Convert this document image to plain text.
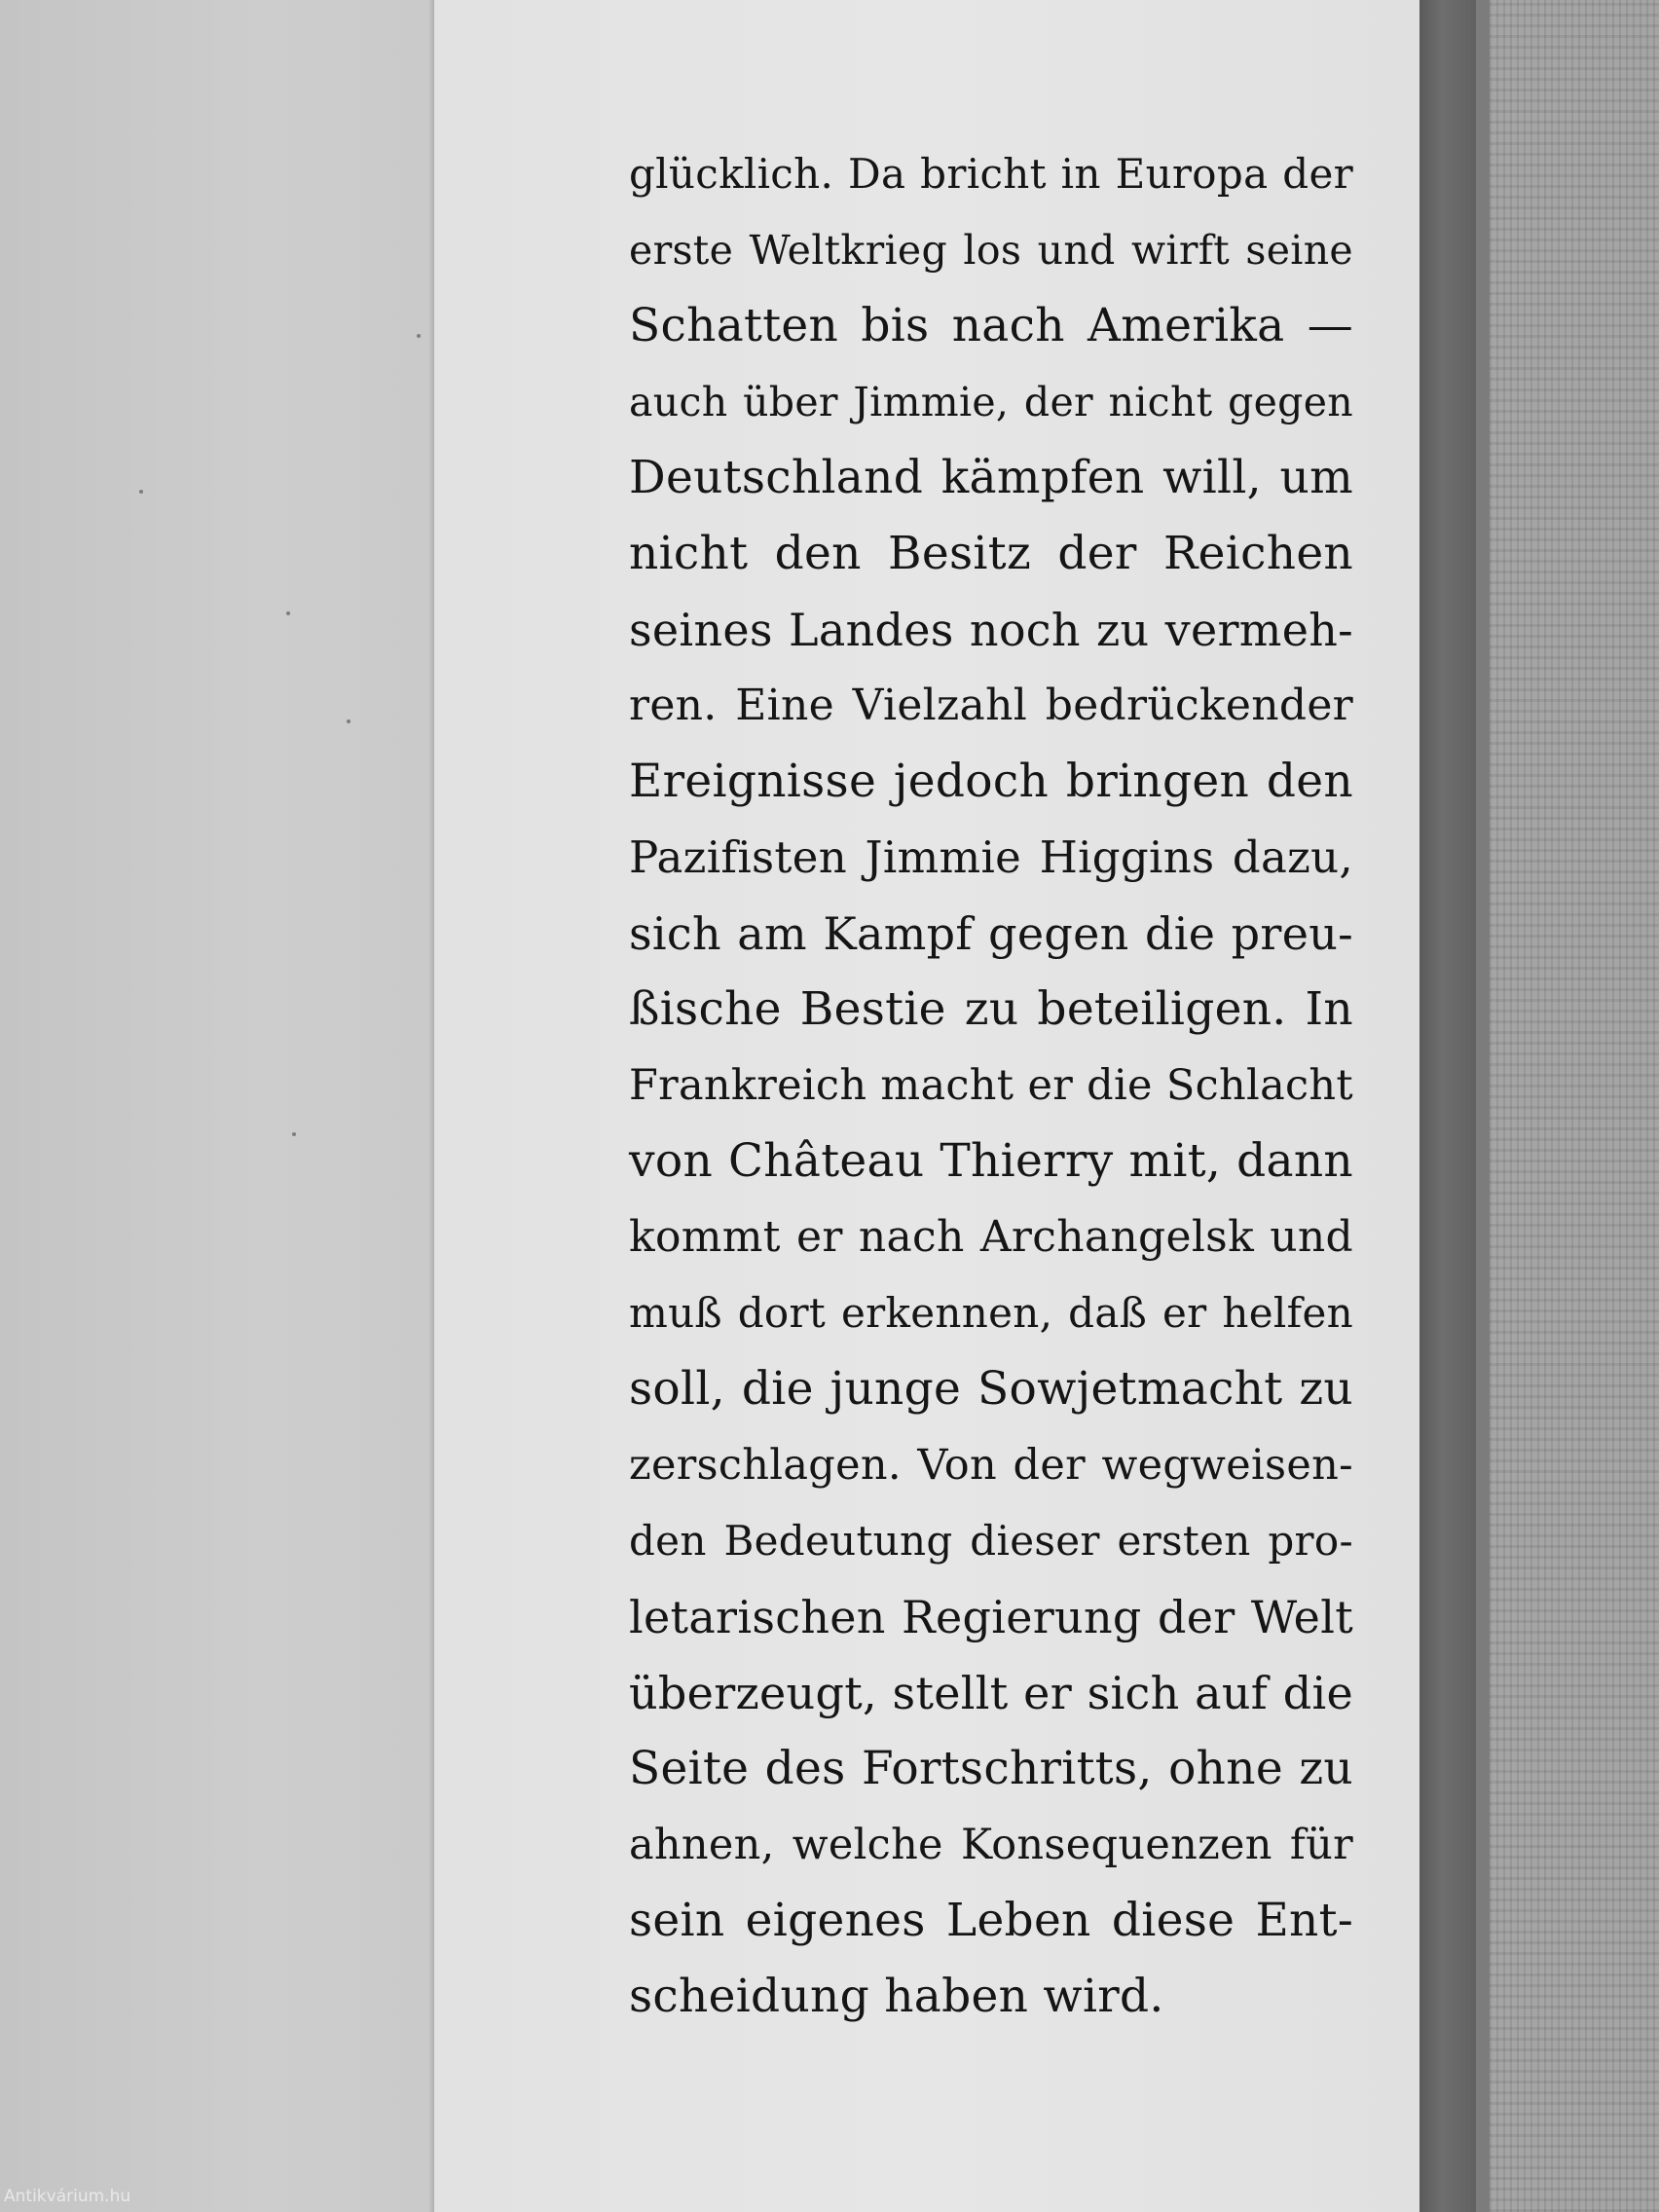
glücklich. Da bricht in Europa der
erste Weltkrieg los und wirft seine
Schatten bis nach Amerika —
auch über Jimmie, der nicht gegen
Deutschland kämpfen will, um
nicht den Besitz der Reichen
seines Landes noch zu vermeh-
ren. Eine Vielzahl bedrückender
Ereignisse jedoch bringen den
Pazifisten Jimmie Higgins dazu,
sich am Kampf gegen die preu-
ßische Bestie zu beteiligen. In
Frankreich macht er die Schlacht
von Château Thierry mit, dann
kommt er nach Archangelsk und
muß dort erkennen, daß er helfen
soll, die junge Sowjetmacht zu
zerschlagen. Von der wegweisen-
den Bedeutung dieser ersten pro-
letarischen Regierung der Welt
überzeugt, stellt er sich auf die
Seite des Fortschritts, ohne zu
ahnen, welche Konsequenzen für
sein eigenes Leben diese Ent-
scheidung haben wird.
Antikvárium.hu
